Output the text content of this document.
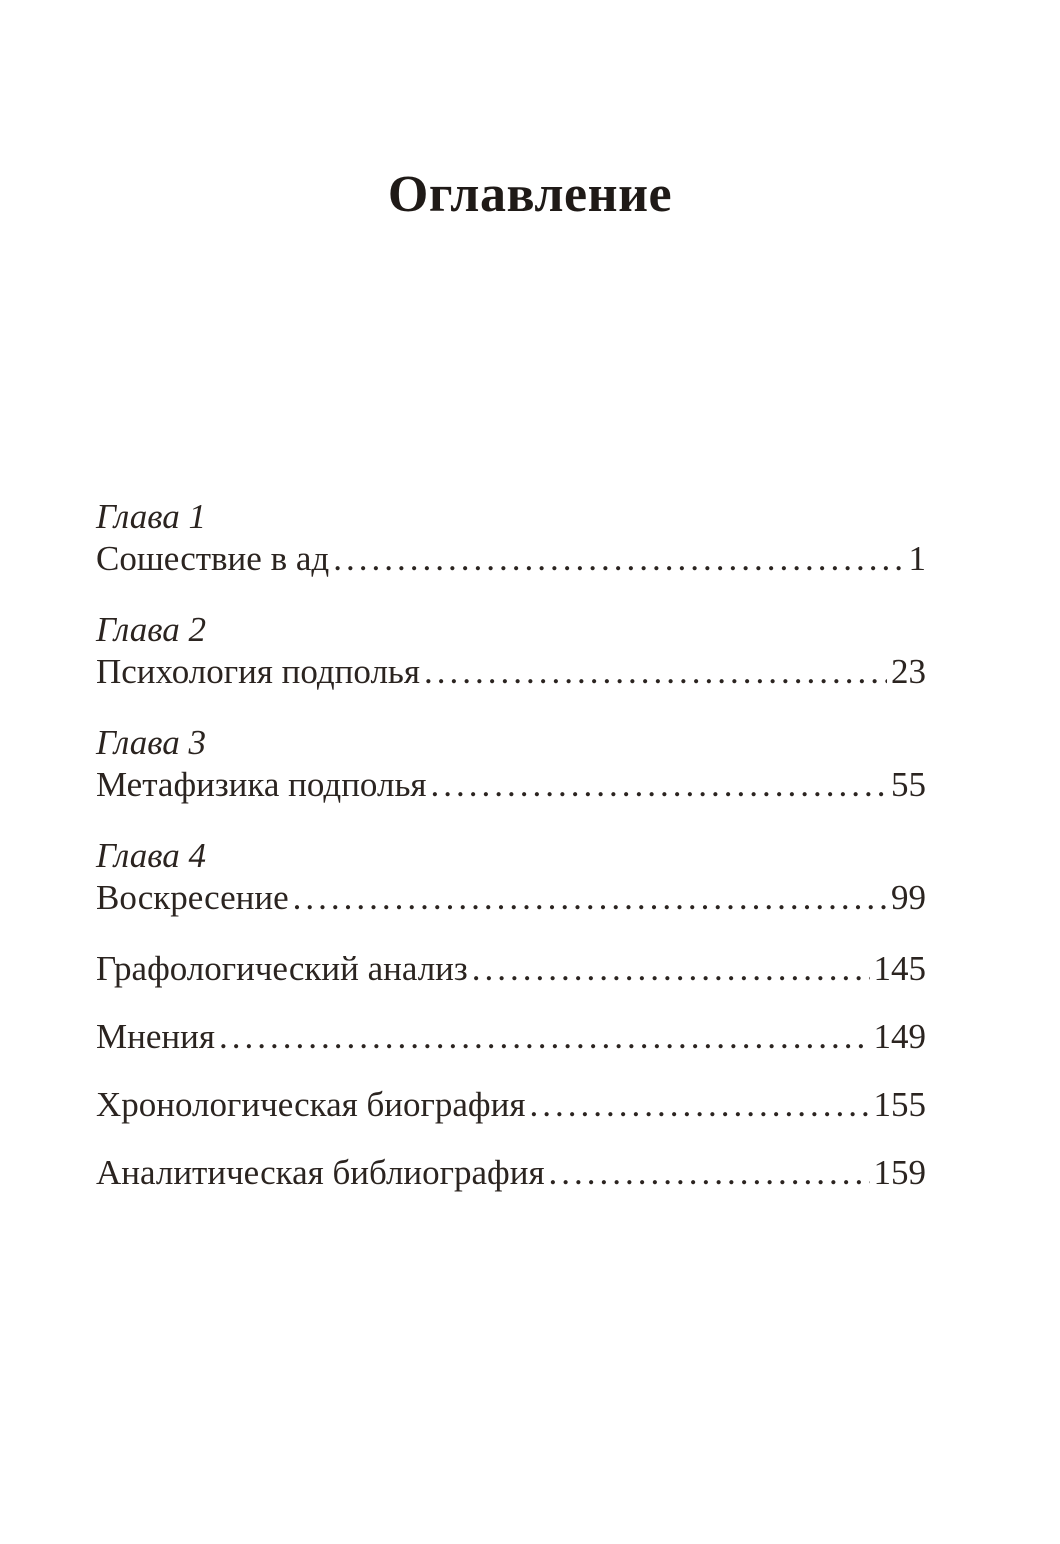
Оглавление
Глава 1
Сошествие в ад .....	1
Глава 2
Психология подполья .....	23
Глава 3
Метафизика подполья .....	55
Глава 4
Воскресение .....	99
Графологический анализ .....	145
Мнения .....	149
Хронологическая биография .....	155
Аналитическая библиография .....	159
